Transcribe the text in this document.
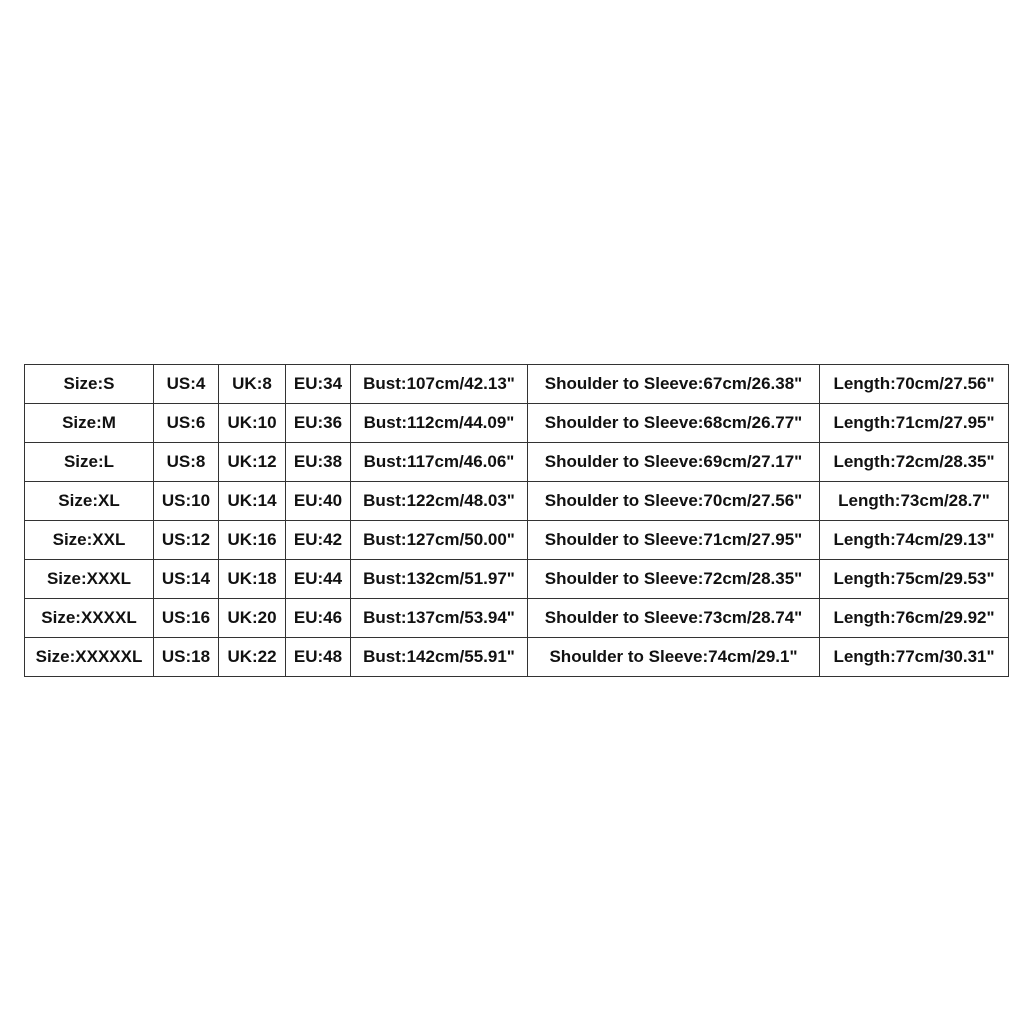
Size:S	US:4	UK:8	EU:34	Bust:107cm/42.13"	Shoulder to Sleeve:67cm/26.38"	Length:70cm/27.56"
Size:M	US:6	UK:10	EU:36	Bust:112cm/44.09"	Shoulder to Sleeve:68cm/26.77"	Length:71cm/27.95"
Size:L	US:8	UK:12	EU:38	Bust:117cm/46.06"	Shoulder to Sleeve:69cm/27.17"	Length:72cm/28.35"
Size:XL	US:10	UK:14	EU:40	Bust:122cm/48.03"	Shoulder to Sleeve:70cm/27.56"	Length:73cm/28.7"
Size:XXL	US:12	UK:16	EU:42	Bust:127cm/50.00"	Shoulder to Sleeve:71cm/27.95"	Length:74cm/29.13"
Size:XXXL	US:14	UK:18	EU:44	Bust:132cm/51.97"	Shoulder to Sleeve:72cm/28.35"	Length:75cm/29.53"
Size:XXXXL	US:16	UK:20	EU:46	Bust:137cm/53.94"	Shoulder to Sleeve:73cm/28.74"	Length:76cm/29.92"
Size:XXXXXL	US:18	UK:22	EU:48	Bust:142cm/55.91"	Shoulder to Sleeve:74cm/29.1"	Length:77cm/30.31"
